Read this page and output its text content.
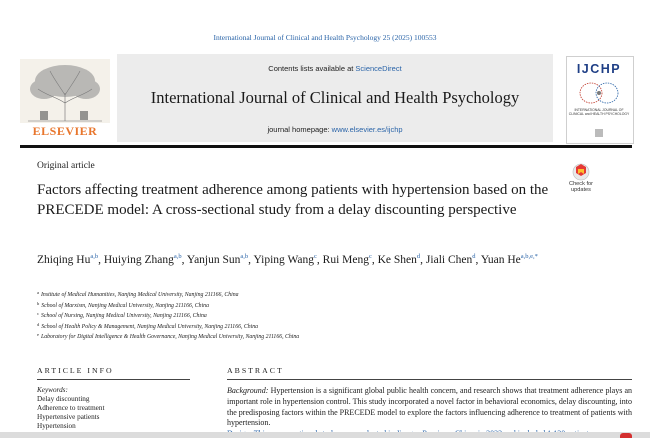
International Journal of Clinical and Health Psychology 25 (2025) 100553
ELSEVIER
Contents lists available at ScienceDirect
International Journal of Clinical and Health Psychology
journal homepage: www.elsevier.es/ijchp
IJCHP
INTERNATIONAL JOURNAL OF CLINICAL and HEALTH PSYCHOLOGY
Original article
Factors affecting treatment adherence among patients with hypertension based on the PRECEDE model: A cross-sectional study from a delay discounting perspective
Check for updates
Zhiqing Hu$^{a,b}$, Huiying Zhang$^{a,b}$, Yanjun Sun$^{a,b}$, Yiping Wang$^c$, Rui Meng$^c$, Ke Shen$^d$, Jiali Chen$^d$, Yuan $He^{a,b,e,*}$
$^a$ Institute of Medical Humanities, Nanjing Medical University, Nanjing 211166, China
$^b$ School of Marxism, Nanjing Medical University, Nanjing 211166, China
$^c$ School of Nursing, Nanjing Medical University, Nanjing 211166, China
$^d$ School of Health Policy & Management, Nanjing Medical University, Nanjing 211166, China
$^e$ Laboratory for Digital Intelligence & Health Governance, Nanjing Medical University, Nanjing 211166, China
ARTICLE INFO
Keywords:
Delay discounting
Adherence to treatment
Hypertensive patients
Hypertension
ABSTRACT
Background: Hypertension is a significant global public health concern, and research shows that treatment adherence plays an important role in hypertension control. This study incorporated a novel factor in behavioral economics, delay discounting, into the predisposing factors within the PRECEDE model to explore the factors influencing adherence to treatment of patients with hypertension.
